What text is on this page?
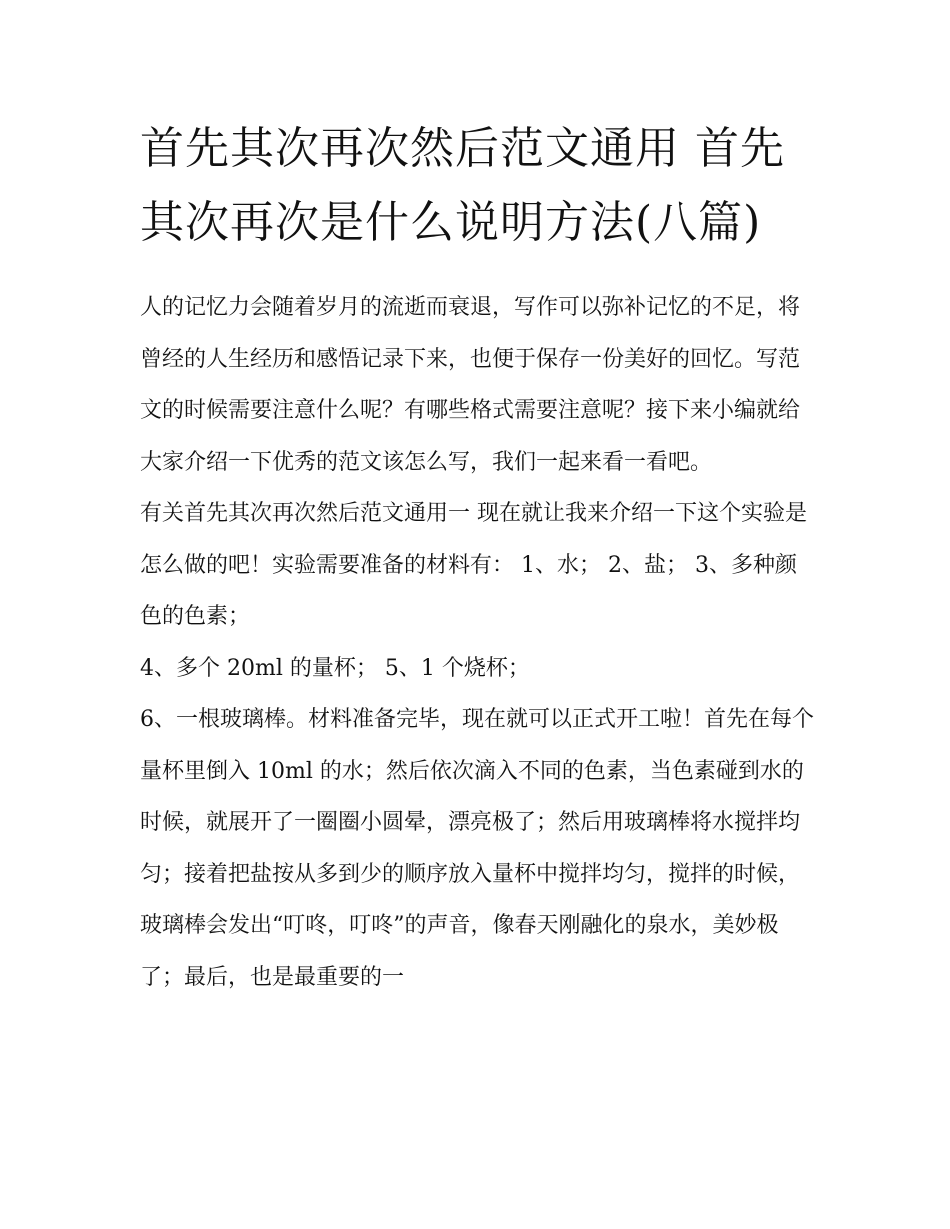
首先其次再次然后范文通用 首先其次再次是什么说明方法(八篇)

人的记忆力会随着岁月的流逝而衰退，写作可以弥补记忆的不足，将曾经的人生经历和感悟记录下来，也便于保存一份美好的回忆。写范文的时候需要注意什么呢？有哪些格式需要注意呢？接下来小编就给大家介绍一下优秀的范文该怎么写，我们一起来看一看吧。

有关首先其次再次然后范文通用一 现在就让我来介绍一下这个实验是怎么做的吧！实验需要准备的材料有： 1、水； 2、盐； 3、多种颜色的色素；

4、多个 20ml 的量杯； 5、1 个烧杯；

6、一根玻璃棒。材料准备完毕，现在就可以正式开工啦！首先在每个量杯里倒入 10ml 的水；然后依次滴入不同的色素，当色素碰到水的时候，就展开了一圈圈小圆晕，漂亮极了；然后用玻璃棒将水搅拌均匀；接着把盐按从多到少的顺序放入量杯中搅拌均匀，搅拌的时候，玻璃棒会发出“叮咚，叮咚”的声音，像春天刚融化的泉水，美妙极了；最后，也是最重要的一
